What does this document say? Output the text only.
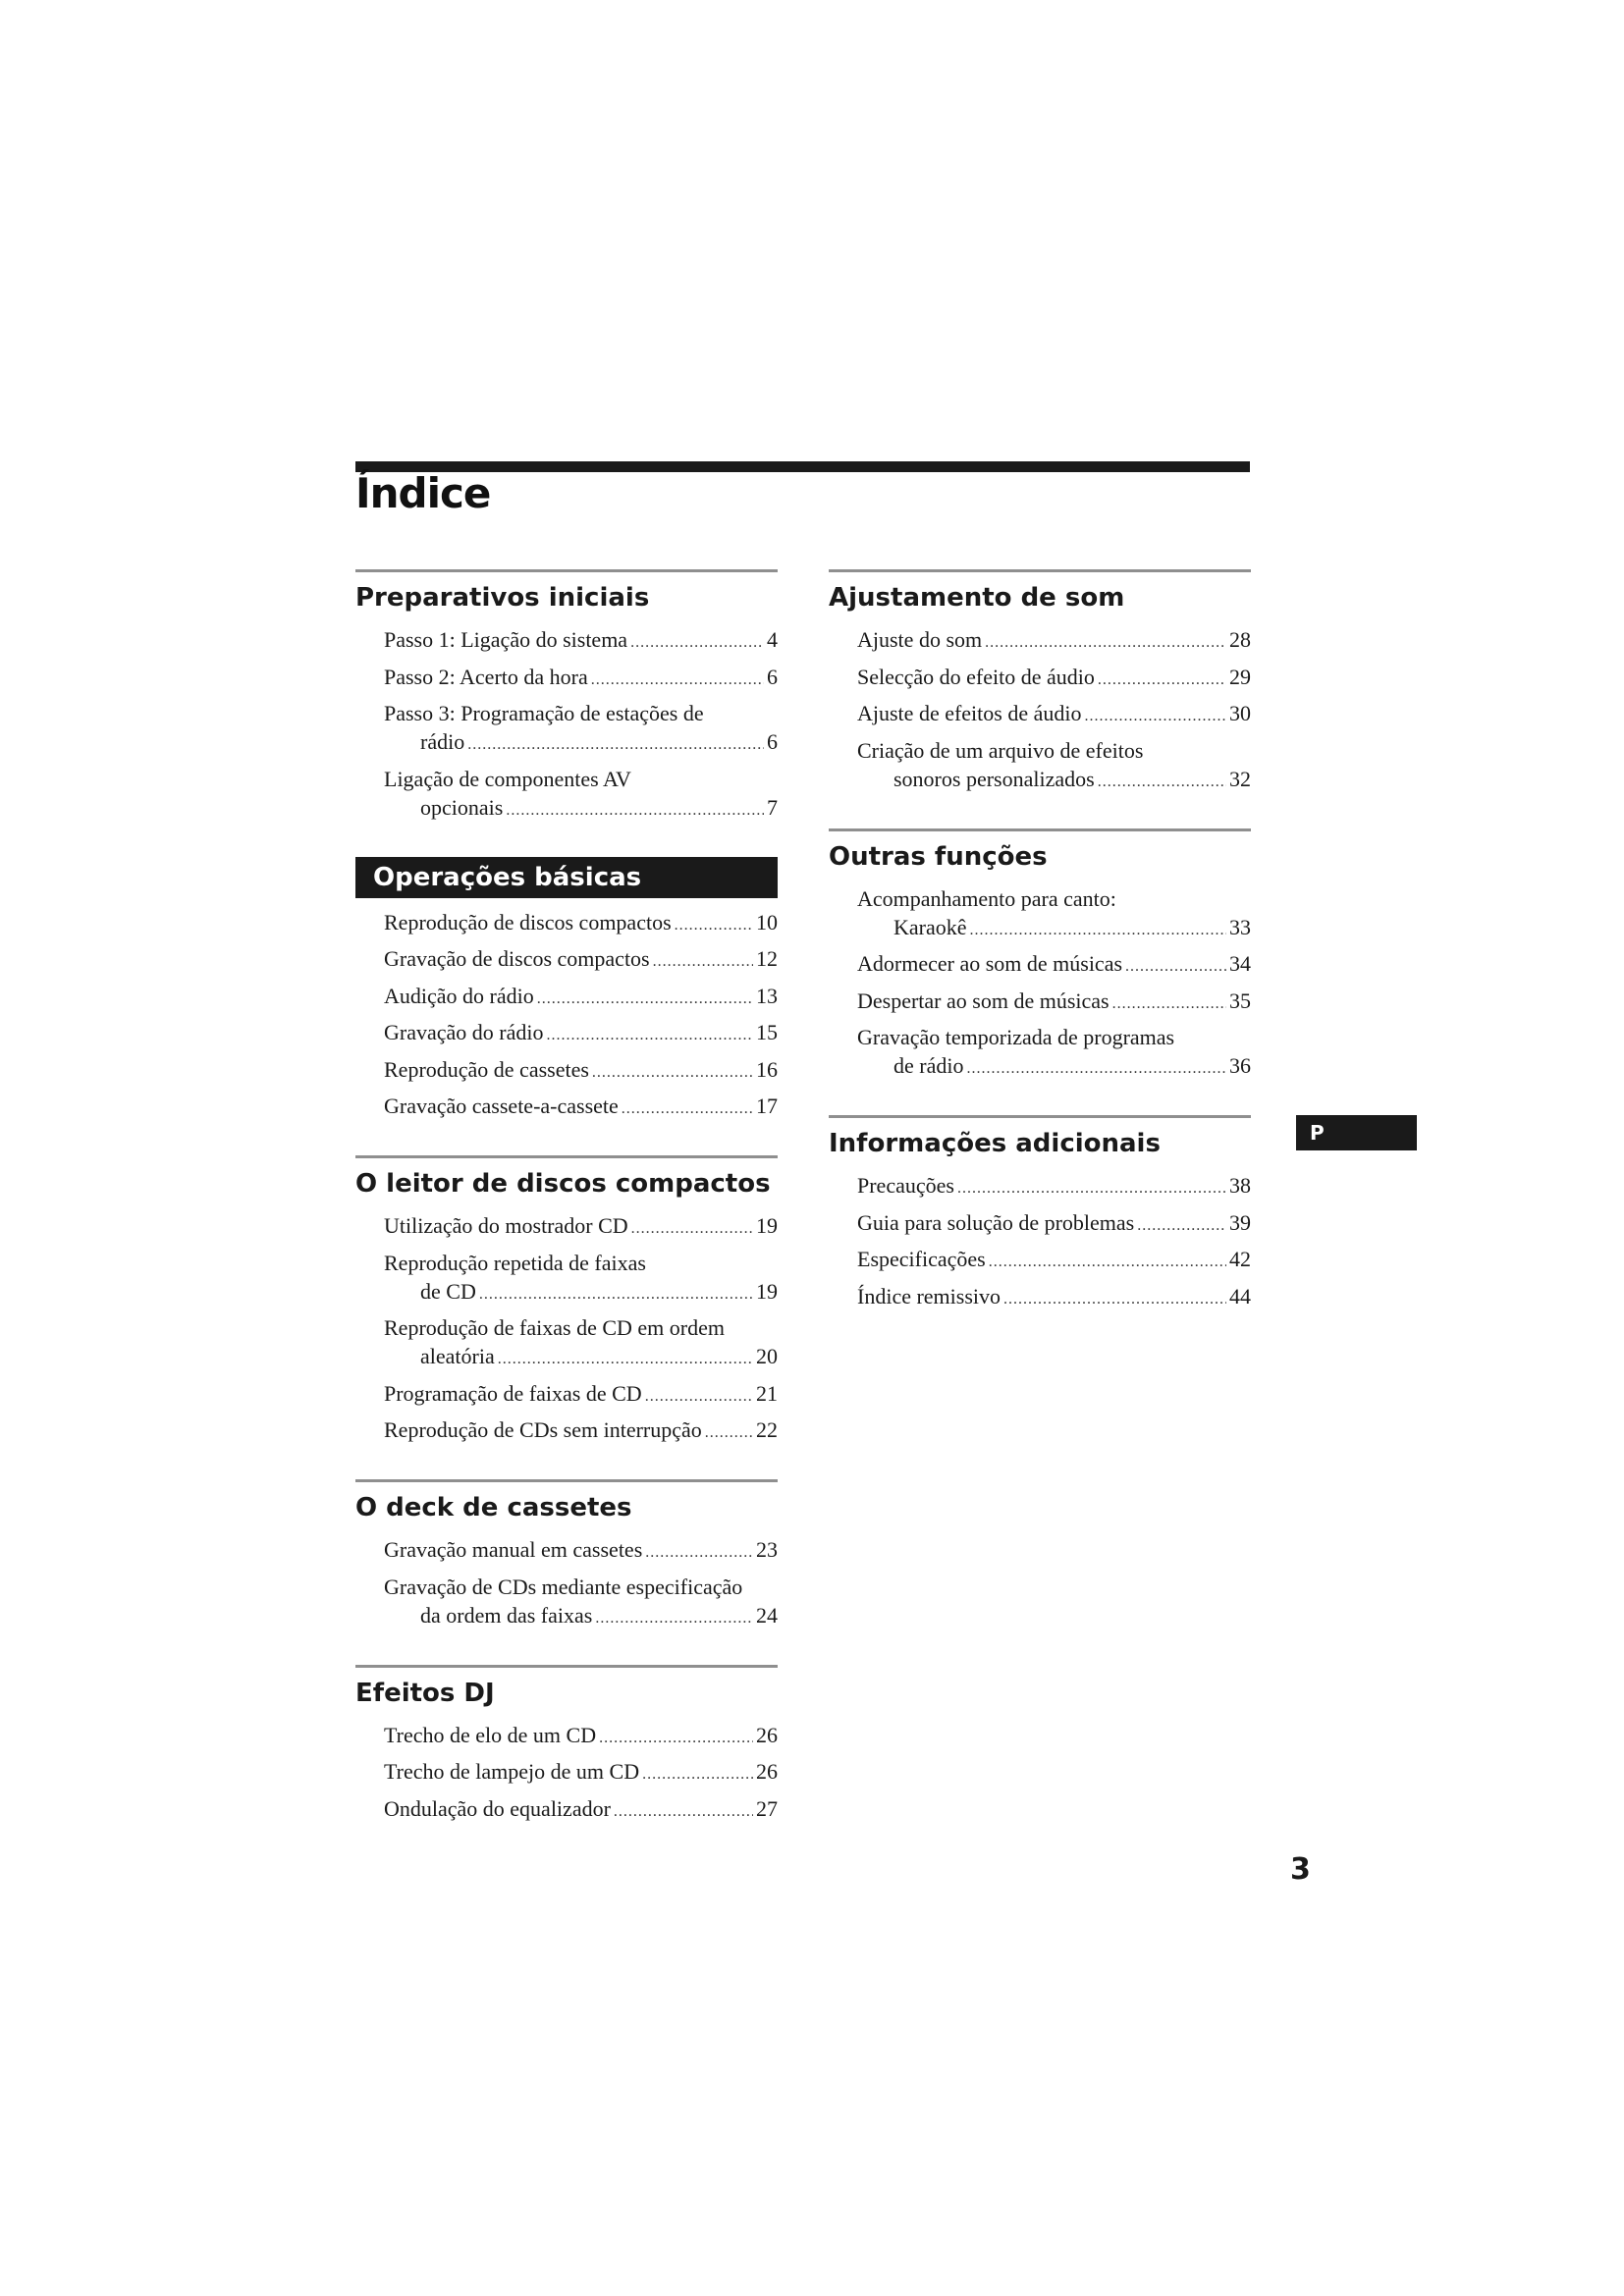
Índice
Preparativos iniciais
Passo 1: Ligação do sistema .....	4
Passo 2: Acerto da hora .....	6
Passo 3: Programação de estações de
rádio .....	6
Ligação de componentes AV
opcionais .....	7
Operações básicas
Reprodução de discos compactos .....	10
Gravação de discos compactos .....	12
Audição do rádio .....	13
Gravação do rádio .....	15
Reprodução de cassetes .....	16
Gravação cassete-a-cassete .....	17
O leitor de discos compactos
Utilização do mostrador CD .....	19
Reprodução repetida de faixas
de CD .....	19
Reprodução de faixas de CD em ordem
aleatória .....	20
Programação de faixas de CD .....	21
Reprodução de CDs sem interrupção .....	22
O deck de cassetes
Gravação manual em cassetes .....	23
Gravação de CDs mediante especificação
da ordem das faixas .....	24
Efeitos DJ
Trecho de elo de um CD .....	26
Trecho de lampejo de um CD .....	26
Ondulação do equalizador .....	27
Ajustamento de som
Ajuste do som .....	28
Selecção do efeito de áudio .....	29
Ajuste de efeitos de áudio .....	30
Criação de um arquivo de efeitos
sonoros personalizados .....	32
Outras funções
Acompanhamento para canto:
Karaokê .....	33
Adormecer ao som de músicas .....	34
Despertar ao som de músicas .....	35
Gravação temporizada de programas
de rádio .....	36
Informações adicionais
Precauções .....	38
Guia para solução de problemas .....	39
Especificações .....	42
Índice remissivo .....	44
P
3
